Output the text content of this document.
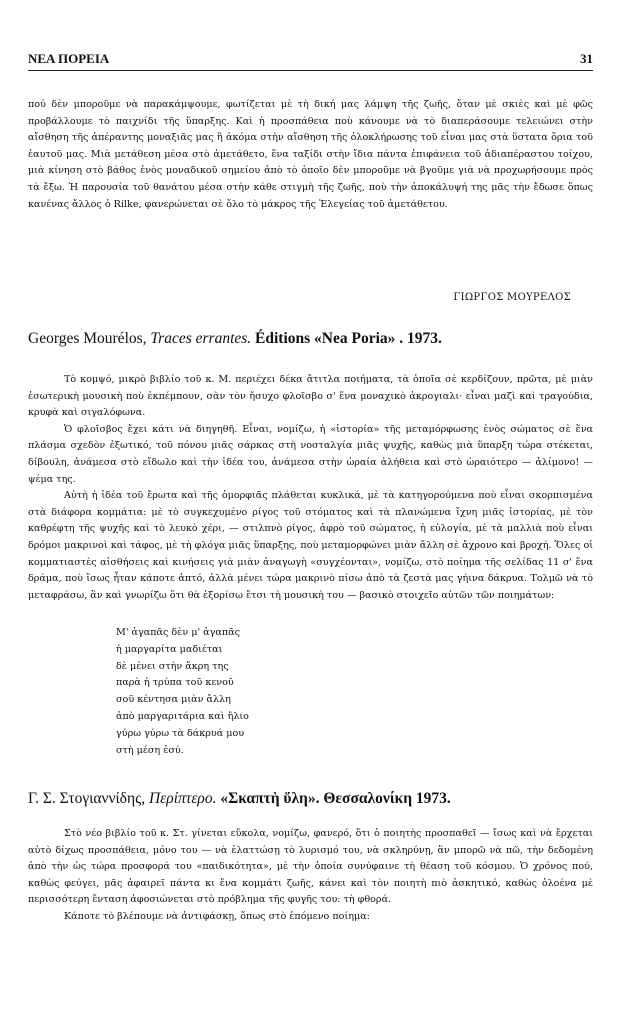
ΝΕΑ ΠΟΡΕΙΑ	31

πού δὲν μποροῦμε νὰ παρακάμψουμε, φωτίζεται μὲ τὴ δική μας λάμψη τῆς ζωῆς, ὅταν μὲ σκιὲς καὶ μὲ φῶς προβάλλουμε τὸ παιχνίδι τῆς ὕπαρξης. Καὶ ἡ προσπάθεια ποὺ κάνουμε νὰ τὸ διαπεράσουμε τελειώνει στὴν αἴσθηση τῆς ἀπέραντης μοναξιᾶς μας ἢ ἀκόμα στὴν αἴσθηση τῆς ὁλοκλήρωσης τοῦ εἶναι μας στὰ ὕστατα ὅρια τοῦ ἑαυτοῦ μας. Μιὰ μετάθεση μέσα στὸ ἀμετάθετο, ἕνα ταξίδι στὴν ἴδια πάντα ἐπιφάνεια τοῦ ἀδιαπέραστου τοίχου, μιὰ κίνηση στὸ βάθος ἑνὸς μοναδικοῦ σημείου ἀπὸ τὸ ὁποῖο δὲν μποροῦμε νὰ βγοῦμε γιὰ νὰ προχωρήσουμε πρὸς τὰ ἔξω. Ἡ παρουσία τοῦ θανάτου μέσα στὴν κάθε στιγμὴ τῆς ζωῆς, ποὺ τὴν ἀποκάλυψή της μᾶς τὴν ἔδωσε ὅπως κανένας ἄλλος ὁ Rilke, φανερώνεται σὲ ὅλο τὸ μάκρος τῆς Ἐλεγείας τοῦ ἀμετάθετου.

ΓΙΩΡΓΟΣ ΜΟΥΡΕΛΟΣ
Georges Mourélos, Traces errantes. Éditions «Nea Poria» . 1973.

Τὸ κομψό, μικρὸ βιβλίο τοῦ κ. Μ. περιέχει δέκα ἄτιτλα ποιήματα, τὰ ὁποῖα σὲ κερδίζουν, πρῶτα, μὲ μιὰν ἐσωτερικὴ μουσικὴ ποὺ ἐκπέμπουν, σὰν τὸν ἥσυχο φλοῖσβο σ' ἕνα μοναχικὸ ἀκρογιαλι· εἶναι μαζὶ καὶ τραγούδια, κρυφὰ καὶ σιγαλόφωνα.

Ὁ φλοῖσβος ἔχει κάτι νὰ διηγηθῆ. Εἶναι, νομίζω, ἡ «ἱστορία» τῆς μεταμόρφωσης ἑνὸς σώματος σὲ ἕνα πλάσμα σχεδὸν ἐξωτικό, τοῦ πόνου μιᾶς σάρκας στὴ νοσταλγία μιᾶς ψυχῆς, καθὼς μιὰ ὕπαρξη τώρα στέκεται, δίβουλη, ἀνάμεσα στὸ εἴδωλο καὶ τὴν ἰδέα του, ἀνάμεσα στὴν ὡραία ἀλήθεια καὶ στὸ ὡραιότερο — ἀλίμονο! — ψέμα της.

Αὐτὴ ἡ ἰδέα τοῦ ἔρωτα καὶ τῆς ὁμορφιᾶς πλάθεται κυκλικά, μὲ τὰ κατηγορούμενα ποὺ εἶναι σκορπισμένα στὰ διάφορα κομμάτια: μὲ τὸ συγκεχυμένο ρίγος τοῦ στόματος καὶ τὰ πλανώμενα ἴχνη μιᾶς ἱστορίας, μὲ τὸν καθρέφτη τῆς ψυχῆς καὶ τὸ λευκὸ χέρι, — στιλπνὸ ρίγος, ἀφρὸ τοῦ σώματος, ἡ εὐλογία, μὲ τὰ μαλλιὰ ποὺ εἶναι δρόμοι μακρινοὶ καὶ τάφος, μὲ τὴ φλόγα μιᾶς ὕπαρξης, ποὺ μεταμορφώνει μιὰν ἄλλη σὲ ἄχρονο καὶ βροχή. Ὅλες οἱ κομματιαστὲς αἰσθήσεις καὶ κινήσεις γιὰ μιὰν ἀναγωγὴ «συγχέονται», νομίζω, στὸ ποίημα τῆς σελίδας 11 σ' ἕνα δράμα, ποὺ ἴσως ἦταν κάποτε ἀπτό, ἀλλὰ μένει τώρα μακρινὸ πίσω ἀπὸ τὰ ζεστὰ μας γήινα δάκρυα. Τολμῶ νὰ τὸ μεταφράσω, ἂν καὶ γνωρίζω ὅτι θὰ ἐξορίσω ἔτσι τὴ μουσικὴ του — βασικὸ στοιχεῖο αὐτῶν τῶν ποιημάτων:

Μ' ἀγαπᾶς δὲν μ' ἀγαπᾶς
ἡ μαργαρίτα μαδιέται
δὲ μένει στὴν ἄκρη της
παρὰ ἡ τρύπα τοῦ κενοῦ
σοῦ κέντησα μιὰν ἄλλη
ἀπὸ μαργαριτάρια καὶ ἥλιο
γύρω γύρω τὰ δάκρυά μου
στὴ μέση ἐσύ.
Γ. Σ. Στογιαννίδης, Περίπτερο. «Σκαπτὴ ὕλη». Θεσσαλονίκη 1973.

Στὸ νέο βιβλίο τοῦ κ. Στ. γίνεται εὔκολα, νομίζω, φανερό, ὅτι ὁ ποιητὴς προσπαθεῖ — ἴσως καὶ νὰ ἔρχεται αὐτὸ δίχως προσπάθεια, μόνο του — νὰ ἐλαττώσῃ τὸ λυρισμό του, νὰ σκληρύνῃ, ἂν μπορῶ νὰ πῶ, τὴν δεδομένη ἀπὸ τὴν ὡς τώρα προσφορά του «παιδικότητα», μὲ τὴν ὁποία συνύφαινε τὴ θέαση τοῦ κόσμου. Ὁ χρόνος πού, καθὼς φεύγει, μᾶς ἀφαιρεῖ πάντα κι ἕνα κομμάτι ζωῆς, κάνει καὶ τὸν ποιητὴ πιὸ ἀσκητικό, καθὼς ὁλοένα μὲ περισσότερη ἔνταση ἀφοσιώνεται στὸ πρόβλημα τῆς φυγῆς του: τὴ φθορά.

Κάποτε τὸ βλέπουμε νὰ ἀντιφάσκῃ, ὅπως στὸ ἑπόμενο ποίημα:
